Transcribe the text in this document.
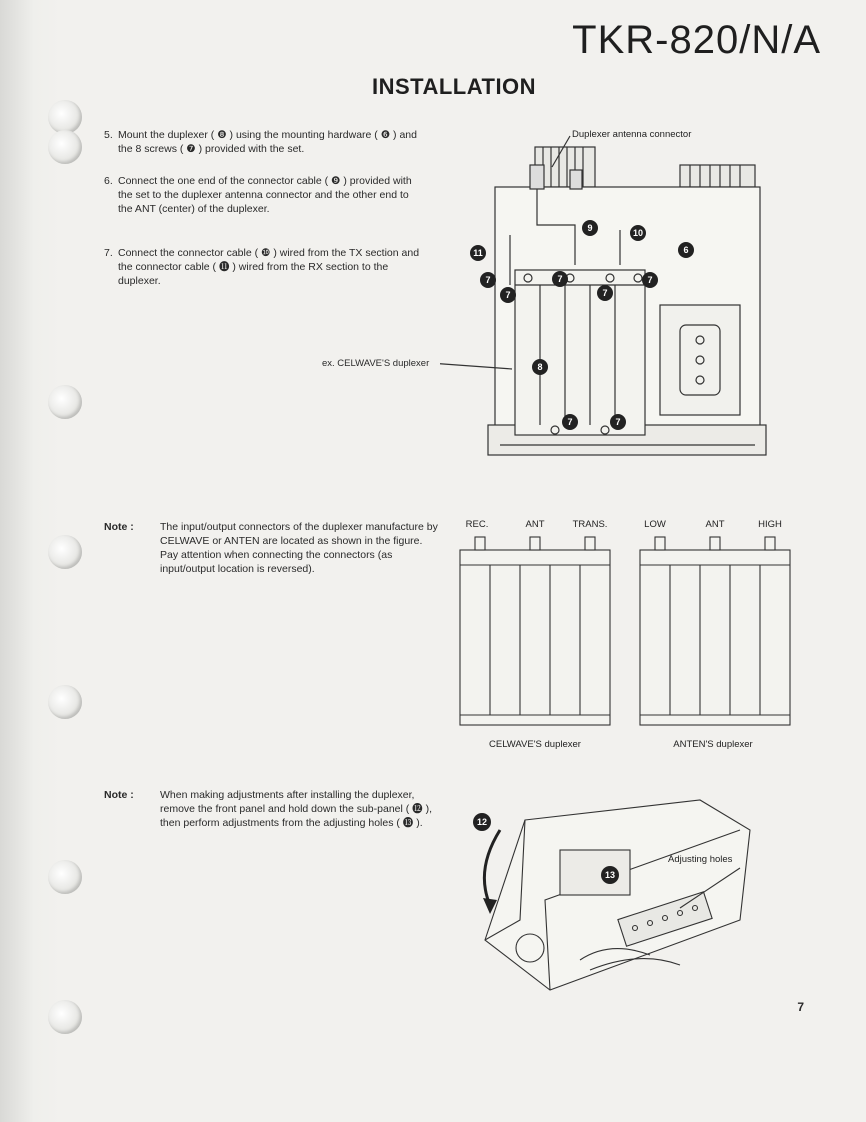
TKR-820/N/A
INSTALLATION
5. Mount the duplexer ( ❽ ) using the mounting hardware ( ❻ ) and the 8 screws ( ❼ ) provided with the set.
6. Connect the one end of the connector cable ( ❾ ) provided with the set to the duplexer antenna connector and the other end to the ANT (center) of the duplexer.
7. Connect the connector cable ( ❿ ) wired from the TX section and the connector cable ( ⓫ ) wired from the RX section to the duplexer.
11
9	10
6
7	7
7
7
7
8
7	7
Duplexer antenna connector
ex. CELWAVE'S duplexer
Note :	The input/output connectors of the duplexer manufacture by CELWAVE or ANTEN are located as shown in the figure. Pay attention when connecting the connectors (as input/output location is reversed).
REC.	ANT	TRANS.
CELWAVE'S duplexer
LOW	ANT	HIGH
ANTEN'S duplexer
Note :	When making adjustments after installing the duplexer, remove the front panel and hold down the sub-panel ( ⓬ ), then perform adjustments from the adjusting holes ( ⓭ ).	12
13
Adjusting holes
7
